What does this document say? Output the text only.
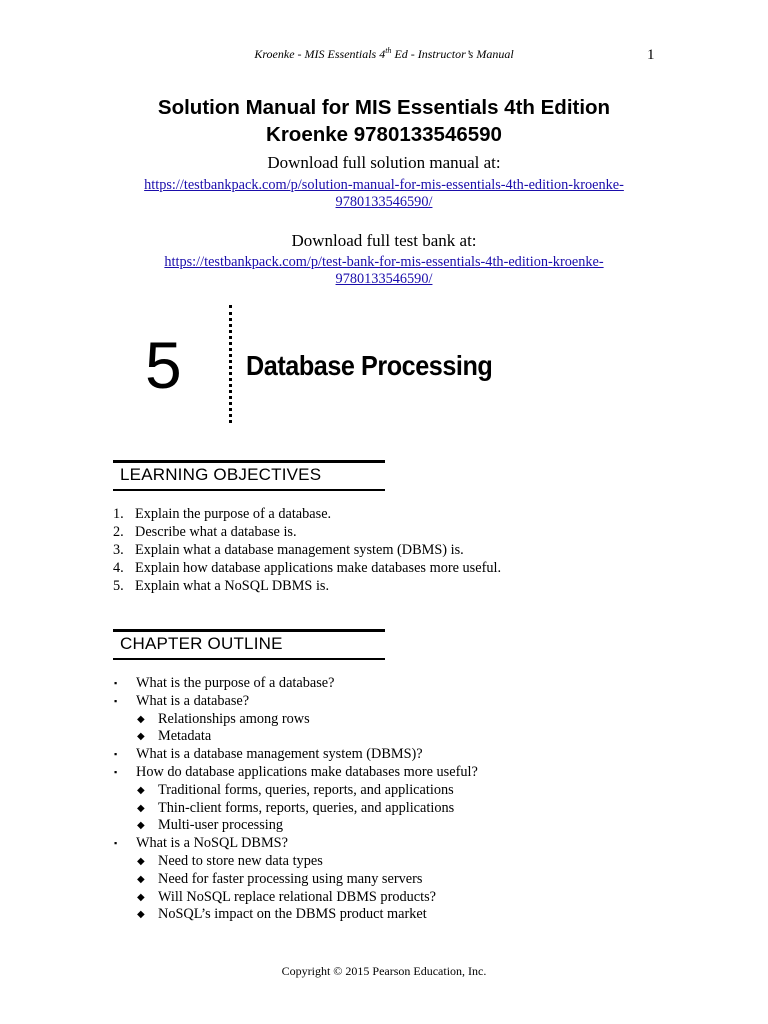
Kroenke - MIS Essentials 4th Ed - Instructor’s Manual	1
Solution Manual for MIS Essentials 4th Edition
Kroenke 9780133546590
Download full solution manual at:
https://testbankpack.com/p/solution-manual-for-mis-essentials-4th-edition-kroenke-
9780133546590/
Download full test bank at:
https://testbankpack.com/p/test-bank-for-mis-essentials-4th-edition-kroenke-
9780133546590/
5 Database Processing
LEARNING OBJECTIVES
1. Explain the purpose of a database.
2. Describe what a database is.
3. Explain what a database management system (DBMS) is.
4. Explain how database applications make databases more useful.
5. Explain what a NoSQL DBMS is.
CHAPTER OUTLINE
▪ What is the purpose of a database?
▪ What is a database?
◆ Relationships among rows
◆ Metadata
▪ What is a database management system (DBMS)?
▪ How do database applications make databases more useful?
◆ Traditional forms, queries, reports, and applications
◆ Thin-client forms, reports, queries, and applications
◆ Multi-user processing
▪ What is a NoSQL DBMS?
◆ Need to store new data types
◆ Need for faster processing using many servers
◆ Will NoSQL replace relational DBMS products?
◆ NoSQL’s impact on the DBMS product market
Copyright © 2015 Pearson Education, Inc.
